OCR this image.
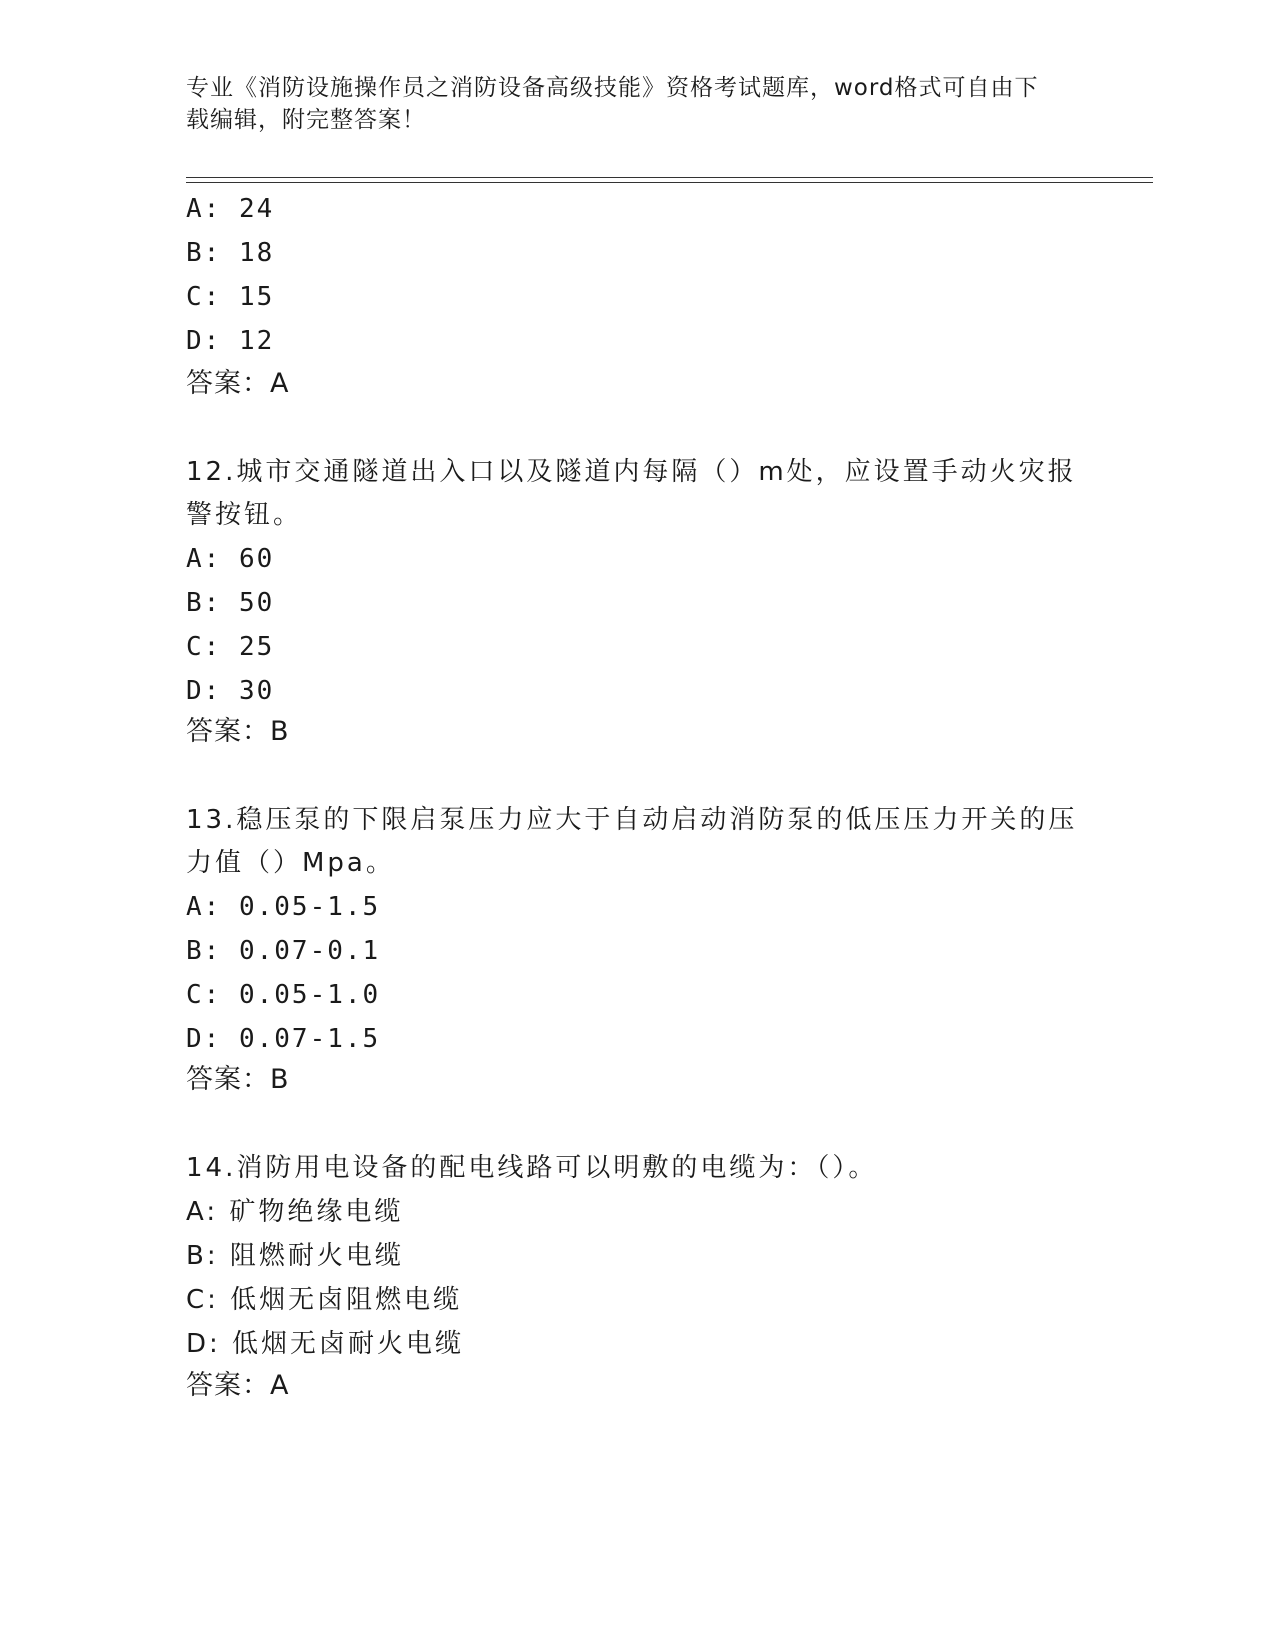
专业《消防设施操作员之消防设备高级技能》资格考试题库，word格式可自由下
载编辑，附完整答案！
A: 24
B: 18
C: 15
D: 12
答案：A
12.城市交通隧道出入口以及隧道内每隔（）m处，应设置手动火灾报
警按钮。
A: 60
B: 50
C: 25
D: 30
答案：B
13.稳压泵的下限启泵压力应大于自动启动消防泵的低压压力开关的压
力值（）Mpa。
A: 0.05-1.5
B: 0.07-0.1
C: 0.05-1.0
D: 0.07-1.5
答案：B
14.消防用电设备的配电线路可以明敷的电缆为：（）。
A: 矿物绝缘电缆
B: 阻燃耐火电缆
C: 低烟无卤阻燃电缆
D: 低烟无卤耐火电缆
答案：A
